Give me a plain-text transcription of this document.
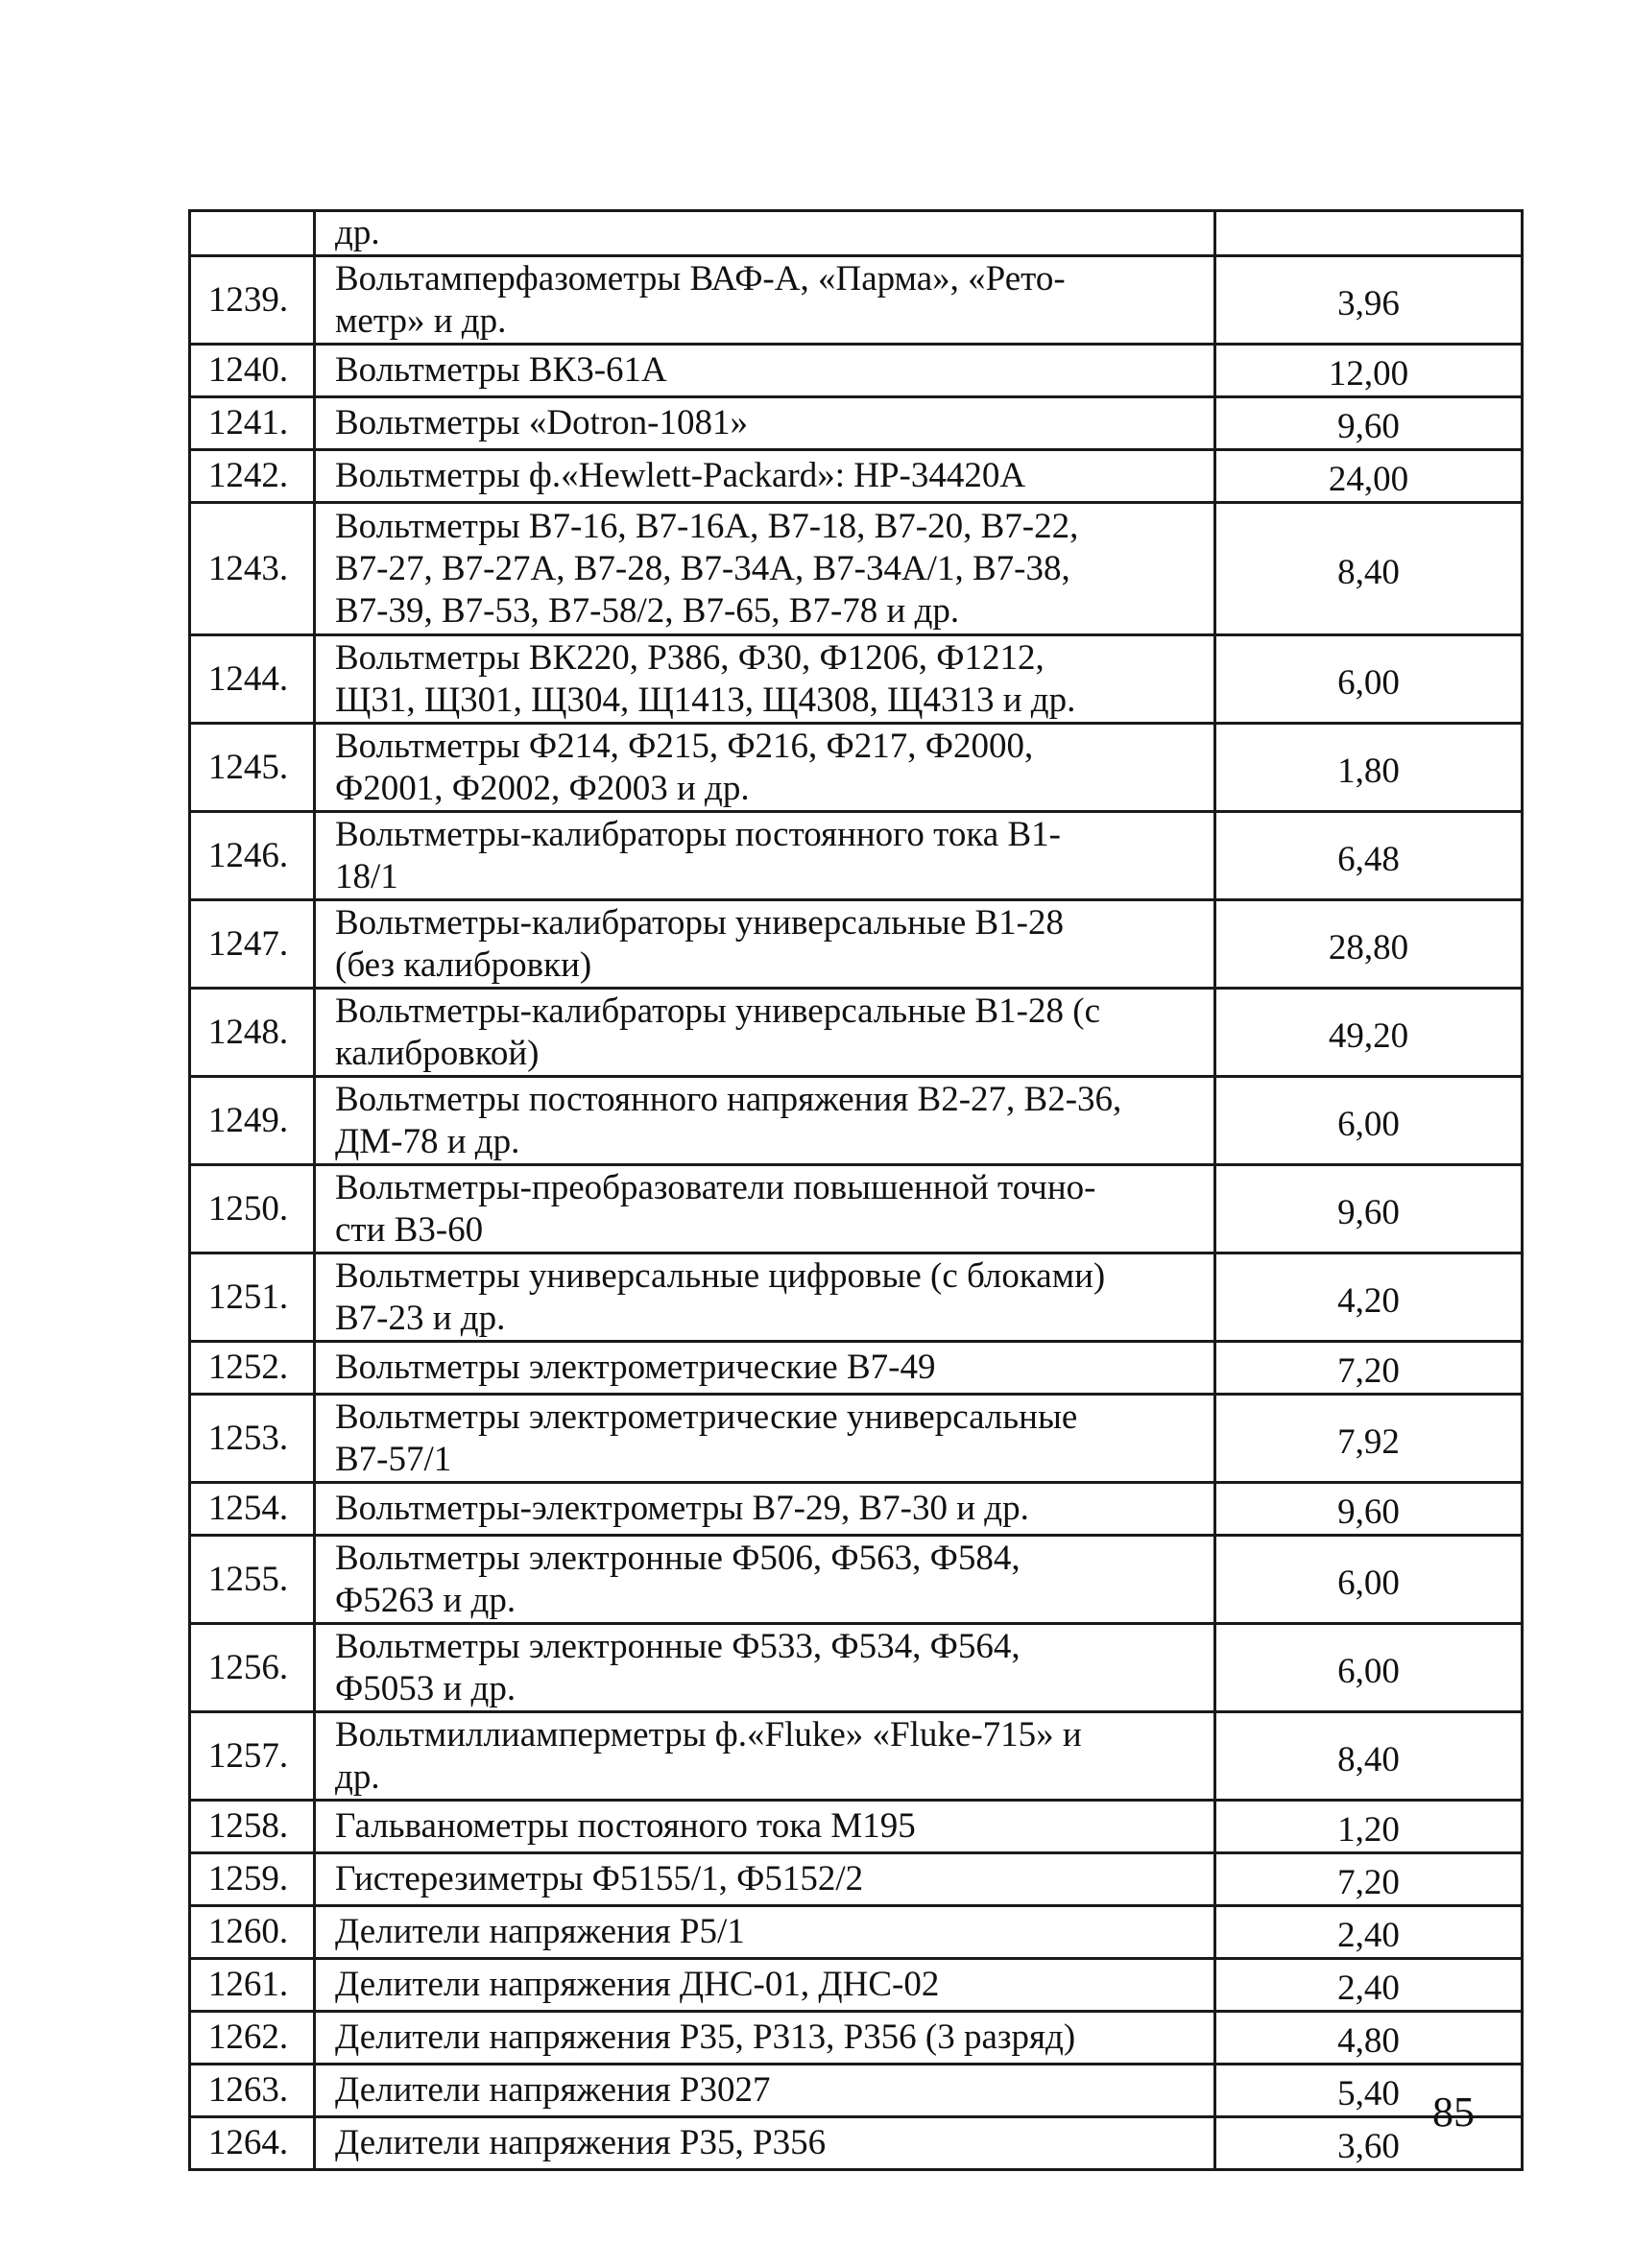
	др.	
1239.	Вольтамперфазометры ВАФ-А, «Парма», «Рето-
метр» и др.	3,96
1240.	Вольтметры ВК3-61А	12,00
1241.	Вольтметры «Dotron-1081»	9,60
1242.	Вольтметры ф.«Hewlett-Packard»: HP-34420A	24,00
1243.	Вольтметры В7-16, В7-16А, В7-18, В7-20, В7-22,
В7-27, В7-27А, В7-28, В7-34А, В7-34А/1, В7-38,
В7-39, В7-53, В7-58/2, В7-65, В7-78 и др.	8,40
1244.	Вольтметры ВК220, Р386, Ф30, Ф1206, Ф1212,
Щ31, Щ301, Щ304, Щ1413, Щ4308, Щ4313 и др.	6,00
1245.	Вольтметры Ф214, Ф215, Ф216, Ф217, Ф2000,
Ф2001, Ф2002, Ф2003 и др.	1,80
1246.	Вольтметры-калибраторы постоянного тока В1-
18/1	6,48
1247.	Вольтметры-калибраторы универсальные В1-28
(без калибровки)	28,80
1248.	Вольтметры-калибраторы универсальные В1-28 (с
калибровкой)	49,20
1249.	Вольтметры постоянного напряжения В2-27, В2-36,
ДМ-78 и др.	6,00
1250.	Вольтметры-преобразователи повышенной точно-
сти В3-60	9,60
1251.	Вольтметры универсальные цифровые (с блоками)
В7-23 и др.	4,20
1252.	Вольтметры электрометрические В7-49	7,20
1253.	Вольтметры электрометрические универсальные
В7-57/1	7,92
1254.	Вольтметры-электрометры В7-29, В7-30 и др.	9,60
1255.	Вольтметры электронные Ф506, Ф563, Ф584,
Ф5263 и др.	6,00
1256.	Вольтметры электронные Ф533, Ф534, Ф564,
Ф5053 и др.	6,00
1257.	Вольтмиллиамперметры ф.«Fluke» «Fluke-715» и
др.	8,40
1258.	Гальванометры постояного тока М195	1,20
1259.	Гистерезиметры Ф5155/1, Ф5152/2	7,20
1260.	Делители напряжения Р5/1	2,40
1261.	Делители напряжения ДНС-01, ДНС-02	2,40
1262.	Делители напряжения Р35, Р313, Р356 (3 разряд)	4,80
1263.	Делители напряжения Р3027	5,40
1264.	Делители напряжения Р35, Р356	3,60
85
